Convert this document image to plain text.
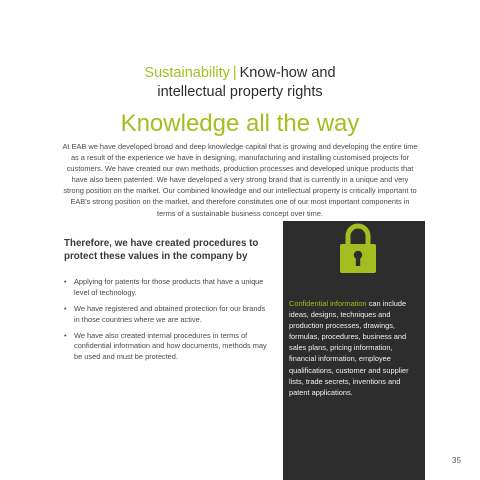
Sustainability | Know-how and
intellectual property rights
Knowledge all the way
At EAB we have developed broad and deep knowledge capital that is growing and developing the entire time as a result of the experience we have in designing, manufacturing and installing customised projects for customers. We have created our own methods, production processes and developed unique products that have also been patented. We have developed a very strong brand that is currently in a unique and very strong position on the market. Our combined knowledge and our intellectual property is critically important to EAB's strong position on the market, and therefore constitutes one of our most important components in terms of a sustainable business concept over time.
Therefore, we have created procedures to protect these values in the company by
• Applying for patents for those products that have a unique level of technology.
• We have registered and obtained protection for our brands in those countries where we are active.
• We have also created internal procedures in terms of confidential information and how documents, methods may be used and must be protected.
Confidential information can include ideas, designs, techniques and production processes, drawings, formulas, procedures, business and sales plans, pricing information, financial information, employee qualifications, customer and supplier lists, trade secrets, inventions and patent applications.
35
